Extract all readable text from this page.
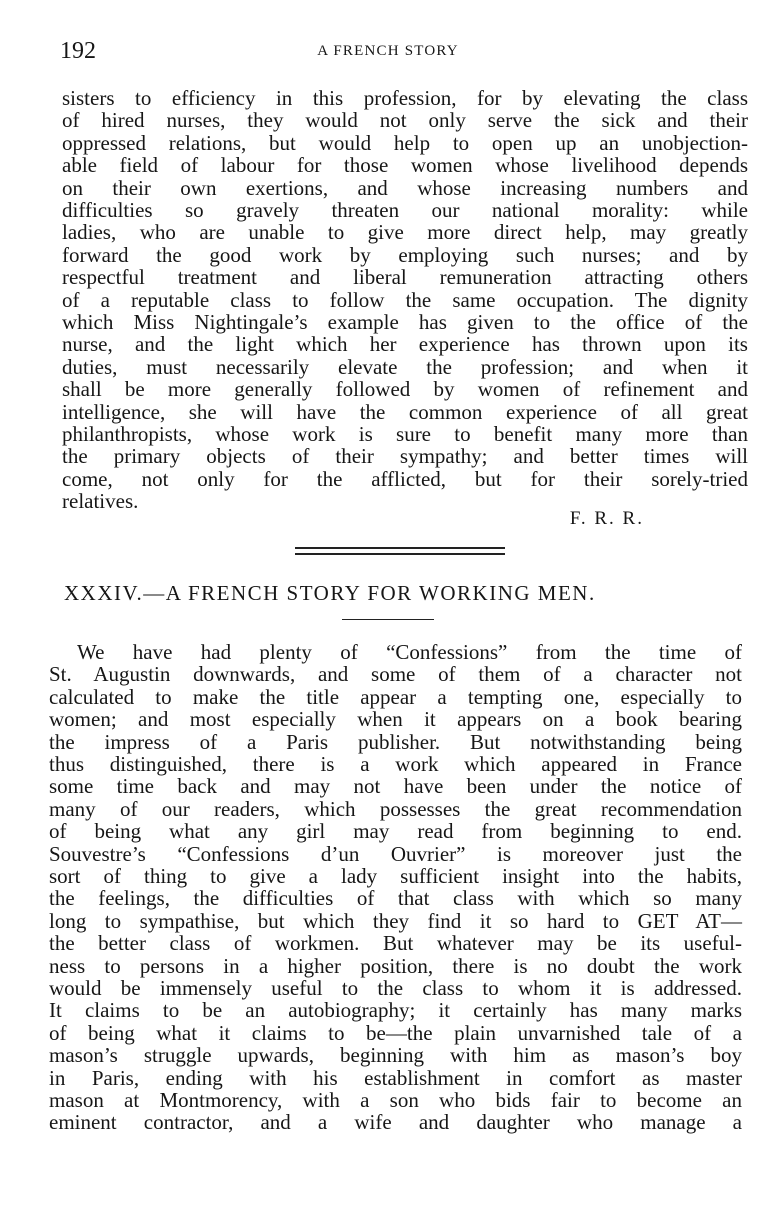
192	A FRENCH STORY
sisters to efficiency in this profession, for by elevating the class
of hired nurses, they would not only serve the sick and their
oppressed relations, but would help to open up an unobjection-
able field of labour for those women whose livelihood depends
on their own exertions, and whose increasing numbers and
difficulties so gravely threaten our national morality: while
ladies, who are unable to give more direct help, may greatly
forward the good work by employing such nurses; and by
respectful treatment and liberal remuneration attracting others
of a reputable class to follow the same occupation. The dignity
which Miss Nightingale’s example has given to the office of the
nurse, and the light which her experience has thrown upon its
duties, must necessarily elevate the profession; and when it
shall be more generally followed by women of refinement and
intelligence, she will have the common experience of all great
philanthropists, whose work is sure to benefit many more than
the primary objects of their sympathy; and better times will
come, not only for the afflicted, but for their sorely-tried
relatives.
F. R. R.
XXXIV.—A FRENCH STORY FOR WORKING MEN.
We have had plenty of “Confessions” from the time of
St. Augustin downwards, and some of them of a character not
calculated to make the title appear a tempting one, especially to
women; and most especially when it appears on a book bearing
the impress of a Paris publisher. But notwithstanding being
thus distinguished, there is a work which appeared in France
some time back and may not have been under the notice of
many of our readers, which possesses the great recommendation
of being what any girl may read from beginning to end.
Souvestre’s “Confessions d’un Ouvrier” is moreover just the
sort of thing to give a lady sufficient insight into the habits,
the feelings, the difficulties of that class with which so many
long to sympathise, but which they find it so hard to GET AT—
the better class of workmen. But whatever may be its useful-
ness to persons in a higher position, there is no doubt the work
would be immensely useful to the class to whom it is addressed.
It claims to be an autobiography; it certainly has many marks
of being what it claims to be—the plain unvarnished tale of a
mason’s struggle upwards, beginning with him as mason’s boy
in Paris, ending with his establishment in comfort as master
mason at Montmorency, with a son who bids fair to become an
eminent contractor, and a wife and daughter who manage a
